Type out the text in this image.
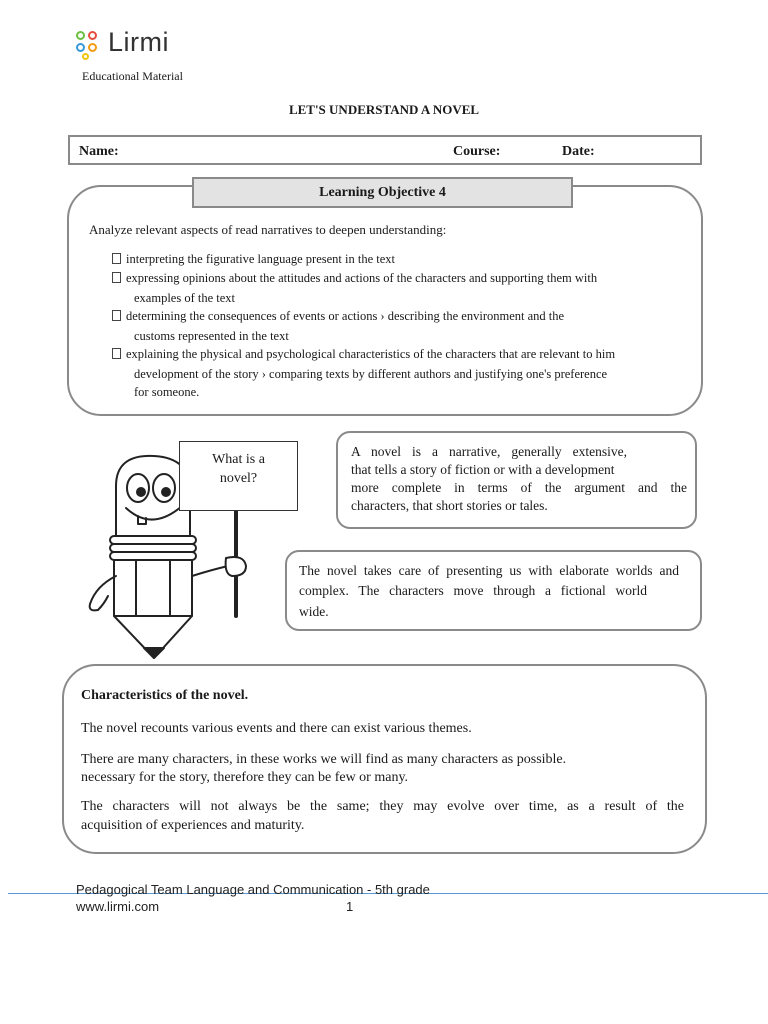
Lirmi
Educational Material
LET'S UNDERSTAND A NOVEL
Name:	Course:	Date:
Learning Objective 4
Analyze relevant aspects of read narratives to deepen understanding:
interpreting the figurative language present in the text
expressing opinions about the attitudes and actions of the characters and supporting them with
examples of the text
determining the consequences of events or actions › describing the environment and the
customs represented in the text
explaining the physical and psychological characteristics of the characters that are relevant to him
development of the story › comparing texts by different authors and justifying one's preference
for someone.
What is a
novel?
A novel is a narrative, generally extensive,
that tells a story of fiction or with a development
more complete in terms of the argument and the
characters, that short stories or tales.
The novel takes care of presenting us with elaborate worlds and
complex. The characters move through a fictional world
wide.
Characteristics of the novel.
The novel recounts various events and there can exist various themes.
There are many characters, in these works we will find as many characters as possible.
necessary for the story, therefore they can be few or many.
The characters will not always be the same; they may evolve over time, as a result of the
acquisition of experiences and maturity.
Pedagogical Team Language and Communication - 5th grade
www.lirmi.com	1
